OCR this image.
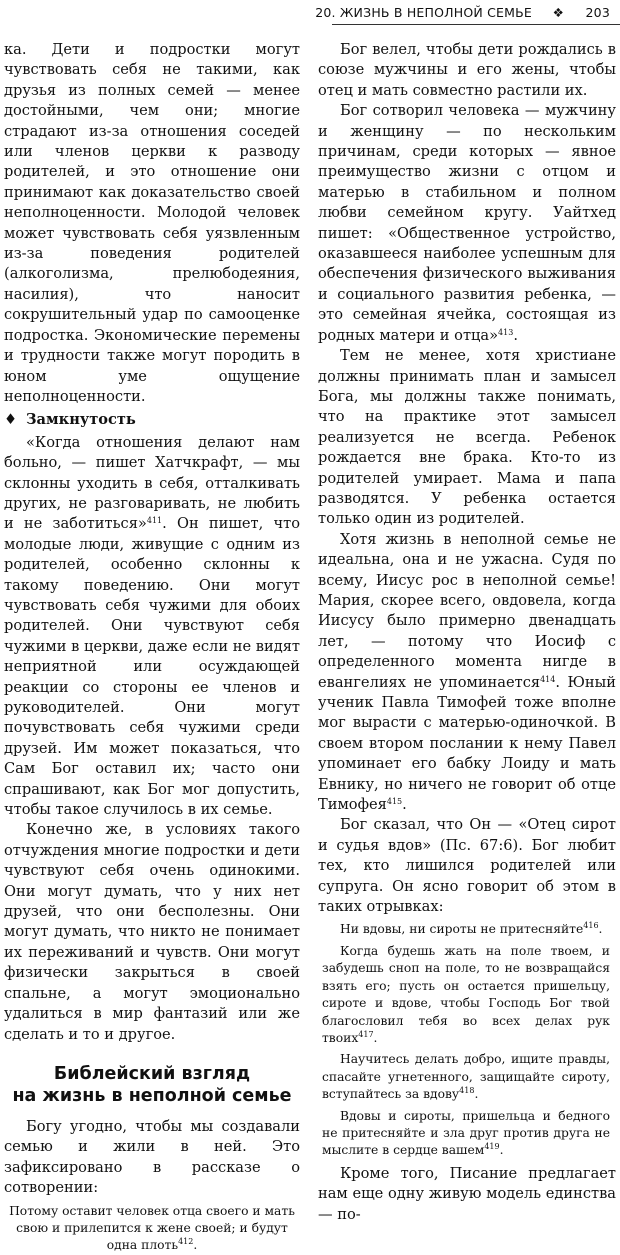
20. ЖИЗНЬ В НЕПОЛНОЙ СЕМЬЕ ❖ 203

ка. Дети и подростки могут чувствовать себя не такими, как друзья из полных семей — менее достойными, чем они; многие страдают из-за отношения соседей или членов церкви к разводу родителей, и это отношение они принимают как доказательство своей неполноценности. Молодой человек может чувствовать себя уязвленным из-за поведения родителей (алкоголизма, прелюбодеяния, насилия), что наносит сокрушительный удар по самооценке подростка. Экономические перемены и трудности также могут породить в юном уме ощущение неполноценности.

♦ Замкнутость

«Когда отношения делают нам больно, — пишет Хатчкрафт, — мы склонны уходить в себя, отталкивать других, не разговаривать, не любить и не заботиться»$^{411}$. Он пишет, что молодые люди, живущие с одним из родителей, особенно склонны к такому поведению. Они могут чувствовать себя чужими для обоих родителей. Они чувствуют себя чужими в церкви, даже если не видят неприятной или осуждающей реакции со стороны ее членов и руководителей. Они могут почувствовать себя чужими среди друзей. Им может показаться, что Сам Бог оставил их; часто они спрашивают, как Бог мог допустить, чтобы такое случилось в их семье.

Конечно же, в условиях такого отчуждения многие подростки и дети чувствуют себя очень одинокими. Они могут думать, что у них нет друзей, что они бесполезны. Они могут думать, что никто не понимает их переживаний и чувств. Они могут физически закрыться в своей спальне, а могут эмоционально удалиться в мир фантазий или же сделать и то и другое.

Библейский взгляд
на жизнь в неполной семье

Богу угодно, чтобы мы создавали семью и жили в ней. Это зафиксировано в рассказе о сотворении:

Потому оставит человек отца своего и мать свою и прилепится к жене своей; и будут одна плоть$^{412}$.

Бог велел, чтобы дети рождались в союзе мужчины и его жены, чтобы отец и мать совместно растили их.

Бог сотворил человека — мужчину и женщину — по нескольким причинам, среди которых — явное преимущество жизни с отцом и матерью в стабильном и полном любви семейном кругу. Уайтхед пишет: «Общественное устройство, оказавшееся наиболее успешным для обеспечения физического выживания и социального развития ребенка, — это семейная ячейка, состоящая из родных матери и отца»$^{413}$.

Тем не менее, хотя христиане должны принимать план и замысел Бога, мы должны также понимать, что на практике этот замысел реализуется не всегда. Ребенок рождается вне брака. Кто-то из родителей умирает. Мама и папа разводятся. У ребенка остается только один из родителей.

Хотя жизнь в неполной семье не идеальна, она и не ужасна. Судя по всему, Иисус рос в неполной семье! Мария, скорее всего, овдовела, когда Иисусу было примерно двенадцать лет, — потому что Иосиф с определенного момента нигде в евангелиях не упоминается$^{414}$. Юный ученик Павла Тимофей тоже вполне мог вырасти с матерью-одиночкой. В своем втором послании к нему Павел упоминает его бабку Лоиду и мать Евнику, но ничего не говорит об отце Тимофея$^{415}$.

Бог сказал, что Он — «Отец сирот и судья вдов» (Пс. 67:6). Бог любит тех, кто лишился родителей или супруга. Он ясно говорит об этом в таких отрывках:

Ни вдовы, ни сироты не притесняйте$^{416}$.

Когда будешь жать на поле твоем, и забудешь сноп на поле, то не возвращайся взять его; пусть он остается пришельцу, сироте и вдове, чтобы Господь Бог твой благословил тебя во всех делах рук твоих$^{417}$.

Научитесь делать добро, ищите правды, спасайте угнетенного, защищайте сироту, вступайтесь за вдову$^{418}$.

Вдовы и сироты, пришельца и бедного не притесняйте и зла друг против друга не мыслите в сердце вашем$^{419}$.

Кроме того, Писание предлагает нам еще одну живую модель единства — по-
